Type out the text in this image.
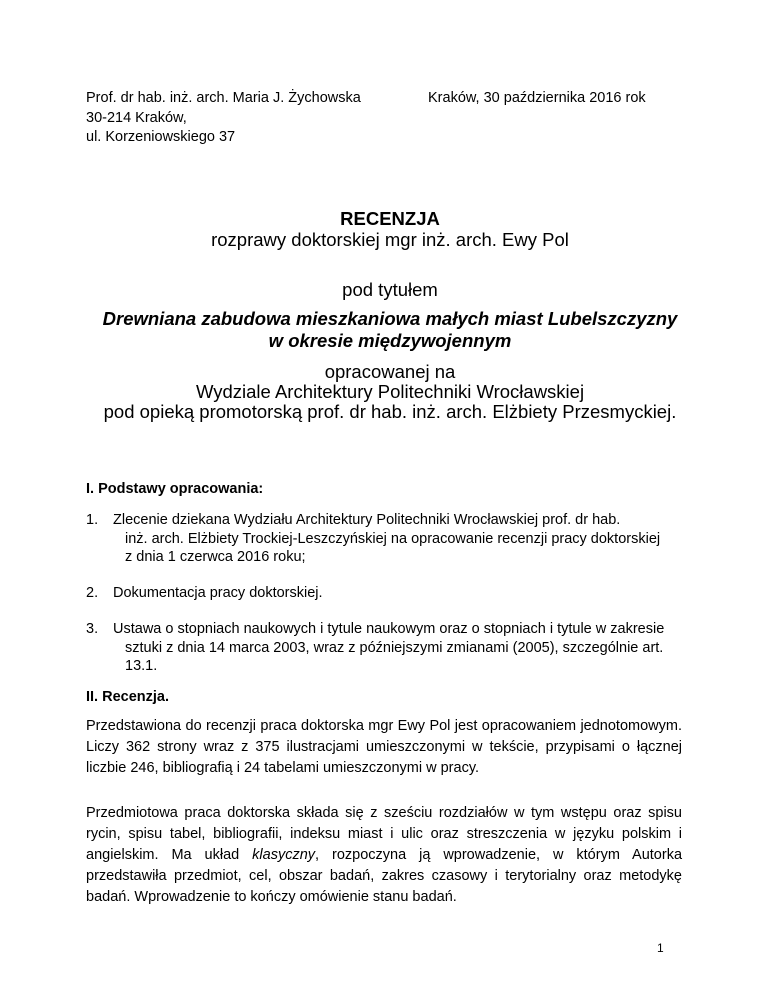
Prof. dr hab. inż. arch. Maria J. Żychowska
30-214 Kraków,
ul. Korzeniowskiego 37
Kraków, 30 października 2016 rok
RECENZJA
rozprawy doktorskiej mgr inż. arch. Ewy Pol
pod tytułem
Drewniana zabudowa mieszkaniowa małych miast Lubelszczyzny
w okresie międzywojennym
opracowanej na
Wydziale Architektury Politechniki Wrocławskiej
pod opieką promotorską prof. dr hab. inż. arch. Elżbiety Przesmyckiej.
I. Podstawy opracowania:
1. Zlecenie dziekana Wydziału Architektury Politechniki Wrocławskiej prof. dr hab.
inż. arch. Elżbiety Trockiej-Leszczyńskiej na opracowanie recenzji pracy doktorskiej
z dnia 1 czerwca 2016 roku;
2. Dokumentacja pracy doktorskiej.
3. Ustawa o stopniach naukowych i tytule naukowym oraz o stopniach i tytule w zakresie
sztuki z dnia 14 marca 2003, wraz z późniejszymi zmianami (2005), szczególnie art.
13.1.
II. Recenzja.
Przedstawiona do recenzji praca doktorska mgr Ewy Pol jest opracowaniem jednotomowym. Liczy 362 strony wraz z 375 ilustracjami umieszczonymi w tekście, przypisami o łącznej liczbie 246, bibliografią i 24 tabelami umieszczonymi w pracy.
Przedmiotowa praca doktorska składa się z sześciu rozdziałów w tym wstępu oraz spisu rycin, spisu tabel, bibliografii, indeksu miast i ulic oraz streszczenia w języku polskim i angielskim. Ma układ klasyczny, rozpoczyna ją wprowadzenie, w którym Autorka przedstawiła przedmiot, cel, obszar badań, zakres czasowy i terytorialny oraz metodykę badań. Wprowadzenie to kończy omówienie stanu badań.
1
